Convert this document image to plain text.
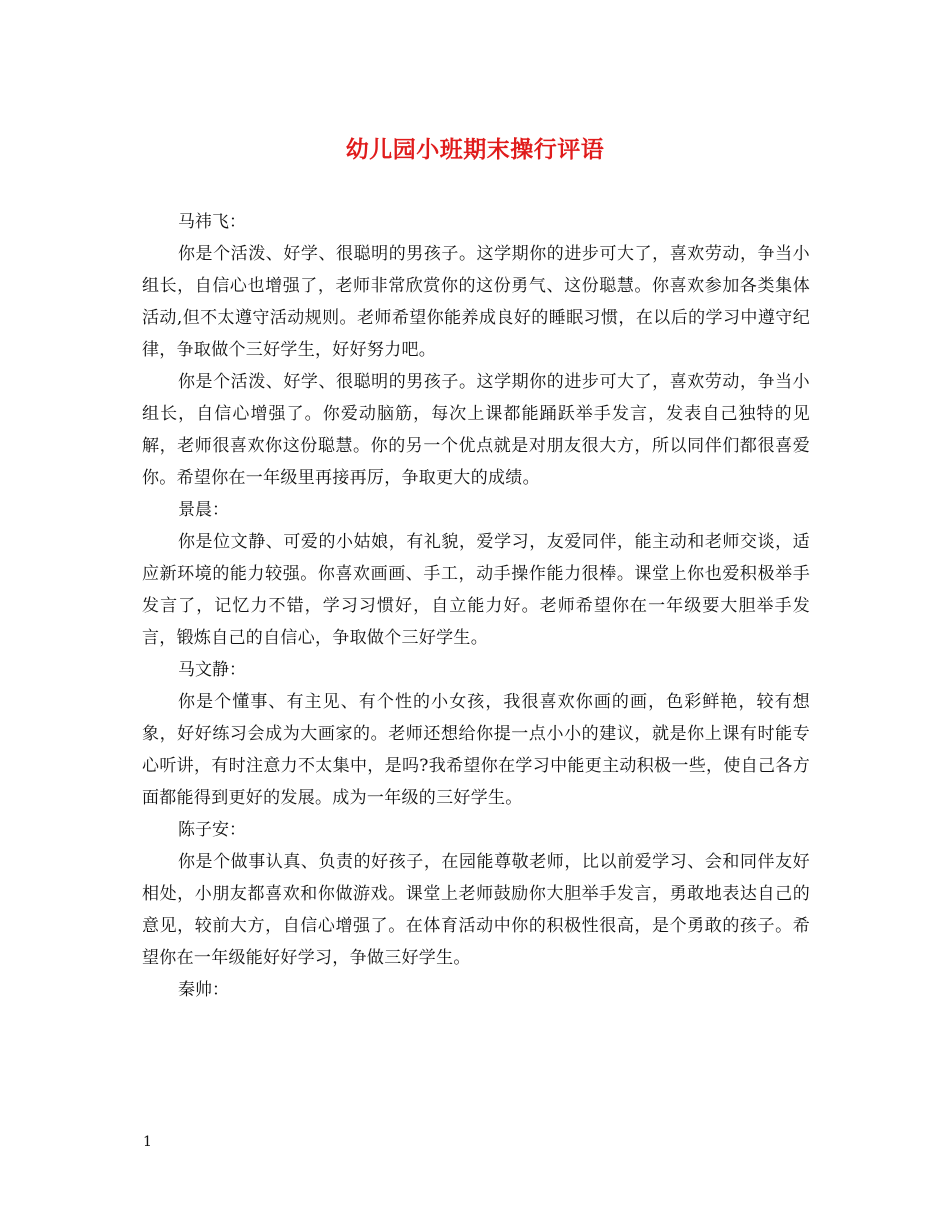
幼儿园小班期末操行评语

马祎飞：

你是个活泼、好学、很聪明的男孩子。这学期你的进步可大了，喜欢劳动，争当小组长，自信心也增强了，老师非常欣赏你的这份勇气、这份聪慧。你喜欢参加各类集体活动,但不太遵守活动规则。老师希望你能养成良好的睡眠习惯，在以后的学习中遵守纪律，争取做个三好学生，好好努力吧。

你是个活泼、好学、很聪明的男孩子。这学期你的进步可大了，喜欢劳动，争当小组长，自信心增强了。你爱动脑筋，每次上课都能踊跃举手发言，发表自己独特的见解，老师很喜欢你这份聪慧。你的另一个优点就是对朋友很大方，所以同伴们都很喜爱你。希望你在一年级里再接再厉，争取更大的成绩。

景晨：

你是位文静、可爱的小姑娘，有礼貌，爱学习，友爱同伴，能主动和老师交谈，适应新环境的能力较强。你喜欢画画、手工，动手操作能力很棒。课堂上你也爱积极举手发言了，记忆力不错，学习习惯好，自立能力好。老师希望你在一年级要大胆举手发言，锻炼自己的自信心，争取做个三好学生。

马文静：

你是个懂事、有主见、有个性的小女孩，我很喜欢你画的画，色彩鲜艳，较有想象，好好练习会成为大画家的。老师还想给你提一点小小的建议，就是你上课有时能专心听讲，有时注意力不太集中，是吗?我希望你在学习中能更主动积极一些，使自己各方面都能得到更好的发展。成为一年级的三好学生。

陈子安：

你是个做事认真、负责的好孩子，在园能尊敬老师，比以前爱学习、会和同伴友好相处，小朋友都喜欢和你做游戏。课堂上老师鼓励你大胆举手发言，勇敢地表达自己的意见，较前大方，自信心增强了。在体育活动中你的积极性很高，是个勇敢的孩子。希望你在一年级能好好学习，争做三好学生。

秦帅：

1
